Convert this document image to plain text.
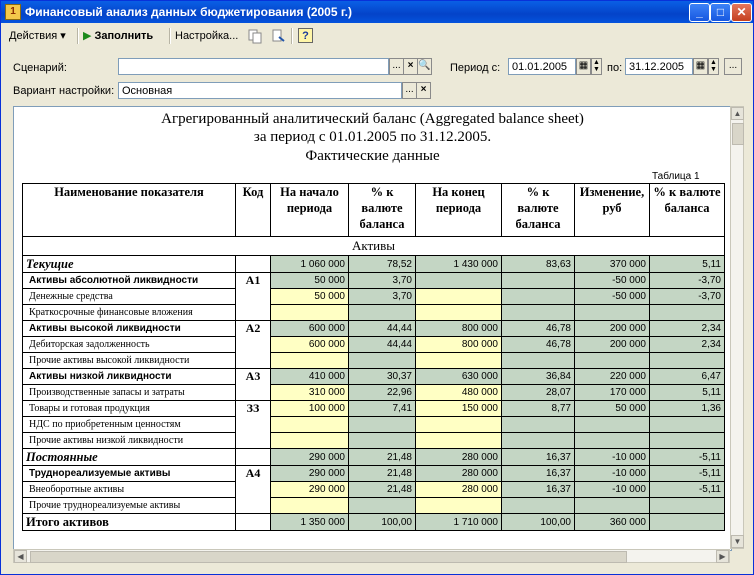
1 Финансовый анализ данных бюджетирования (2005 г.)	_	□	✕
Действия ▾ ▶ Заполнить Настройка...	?
Сценарий:	... × 🔍
Вариант настройки: Основная	... ×
Период с:	01.01.2005	▦ ▲
▼ по: 31.12.2005	▦ ▲
▼	...
Агрегированный аналитический баланс (Aggregated balance sheet)
за период с 01.01.2005 по 31.12.2005.
Фактические данные
Таблица 1
Наименование показателя	Код	На начало периода	% к валюте баланса	На конец периода	% к валюте баланса	Изменение, руб	% к валюте баланса
Активы							
Текущие		1 060 000	78,52	1 430 000	83,63	370 000	5,11
Активы абсолютной ликвидности	А1	50 000	3,70			-50 000	-3,70
Денежные средства		50 000	3,70			-50 000	-3,70
Краткосрочные финансовые вложения							
Активы высокой ликвидности	А2	600 000	44,44	800 000	46,78	200 000	2,34
Дебиторская задолженность		600 000	44,44	800 000	46,78	200 000	2,34
Прочие активы высокой ликвидности							
Активы низкой ликвидности	А3	410 000	30,37	630 000	36,84	220 000	6,47
Производственные запасы и затраты		310 000	22,96	480 000	28,07	170 000	5,11
Товары и готовая продукция	ЗЗ	100 000	7,41	150 000	8,77	50 000	1,36
НДС по приобретенным ценностям							
Прочие активы низкой ликвидности							
Постоянные		290 000	21,48	280 000	16,37	-10 000	-5,11
Труднореализуемые активы	А4	290 000	21,48	280 000	16,37	-10 000	-5,11
Внеоборотные активы		290 000	21,48	280 000	16,37	-10 000	-5,11
Прочие труднореализуемые активы							
Итого активов		1 350 000	100,00	1 710 000	100,00	360 000	
▲
▼
◀	▶
